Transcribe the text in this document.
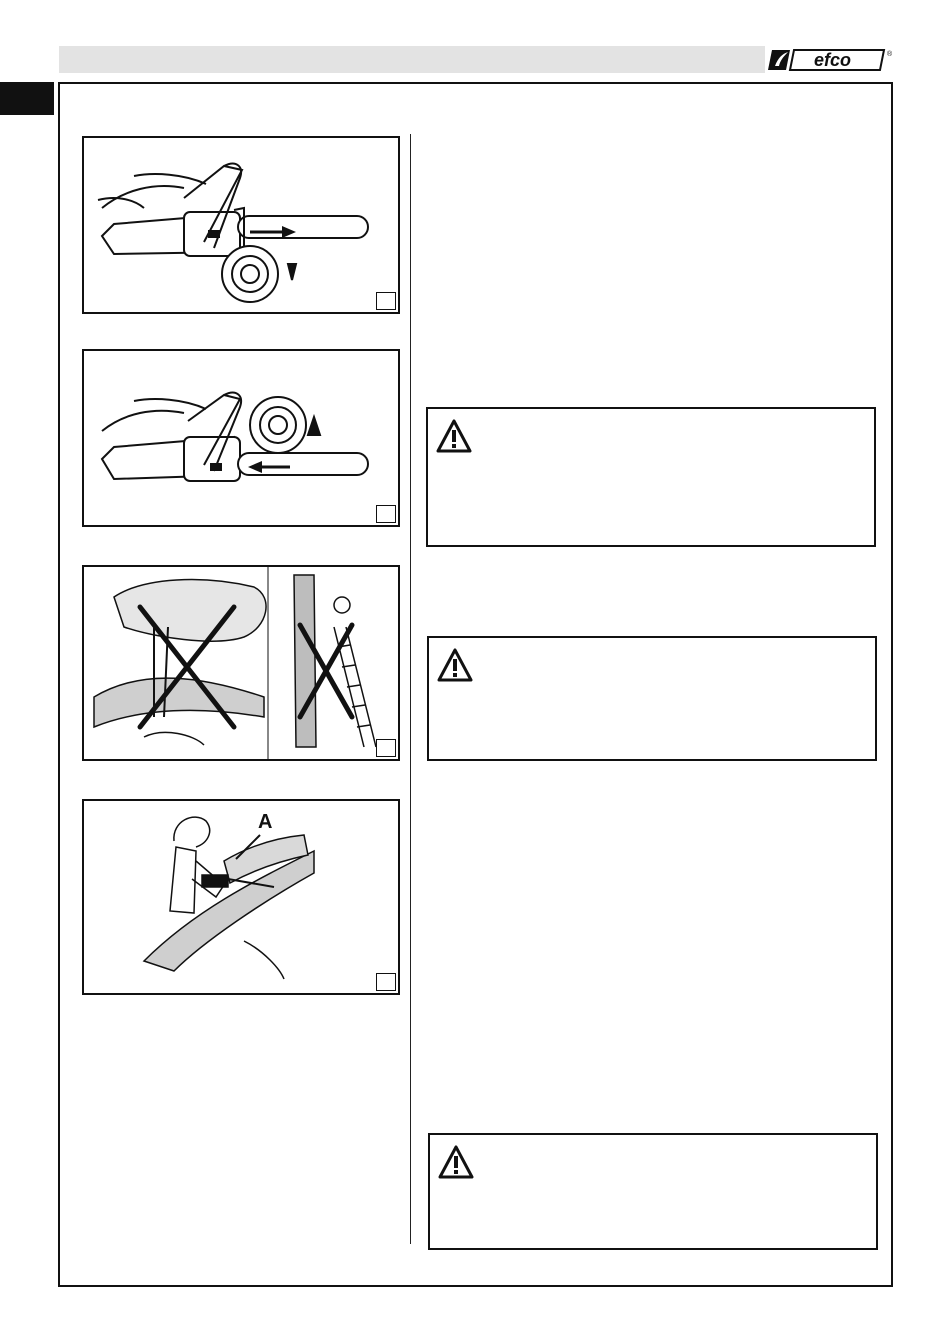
efco	®
A
